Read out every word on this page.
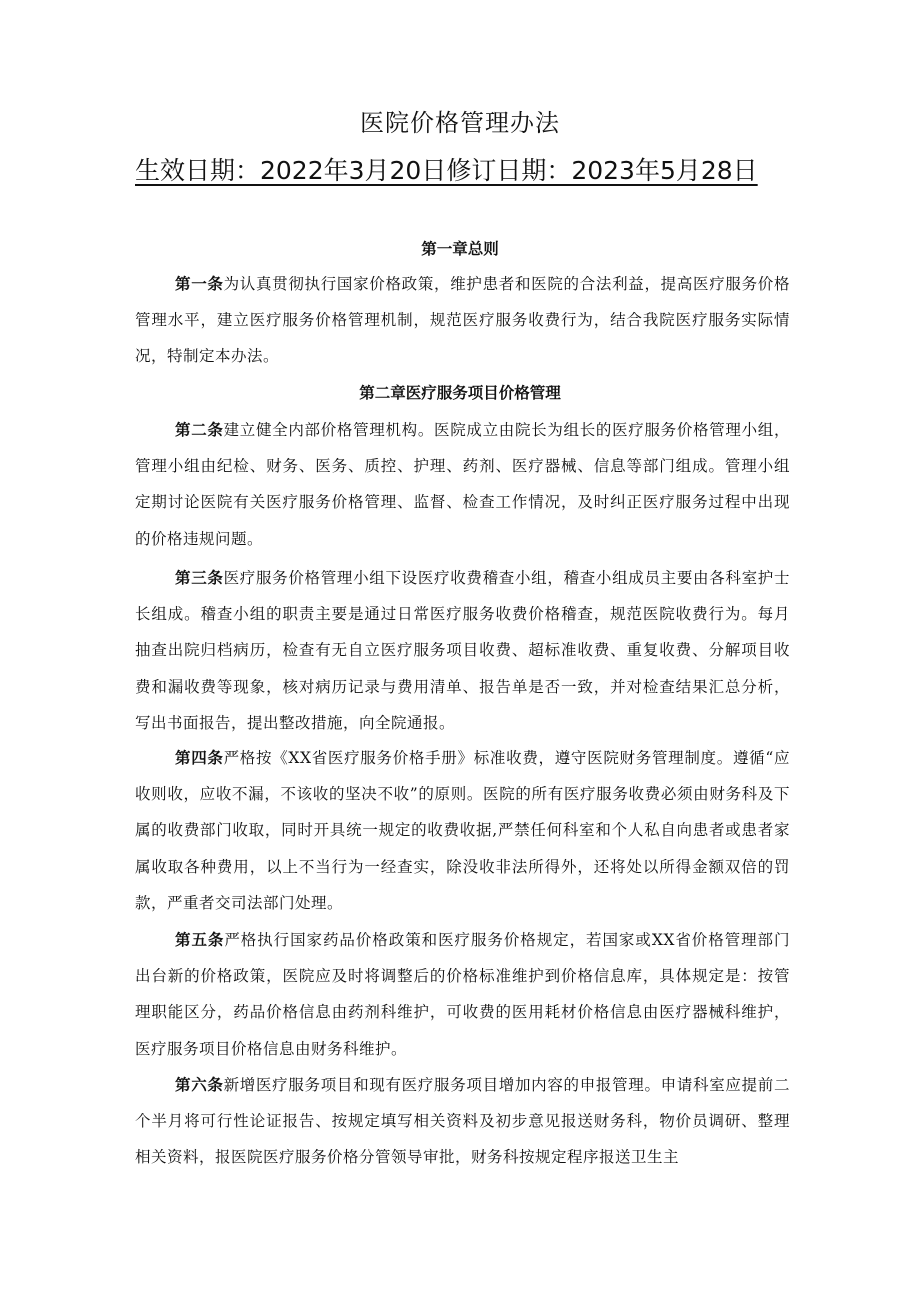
医院价格管理办法
生效日期：2022年3月20日修订日期：2023年5月28日
第一章总则

第一条为认真贯彻执行国家价格政策，维护患者和医院的合法利益，提高医疗服务价格管理水平，建立医疗服务价格管理机制，规范医疗服务收费行为，结合我院医疗服务实际情况，特制定本办法。

第二章医疗服务项目价格管理

第二条建立健全内部价格管理机构。医院成立由院长为组长的医疗服务价格管理小组，管理小组由纪检、财务、医务、质控、护理、药剂、医疗器械、信息等部门组成。管理小组定期讨论医院有关医疗服务价格管理、监督、检查工作情况，及时纠正医疗服务过程中出现的价格违规问题。

第三条医疗服务价格管理小组下设医疗收费稽查小组，稽查小组成员主要由各科室护士长组成。稽查小组的职责主要是通过日常医疗服务收费价格稽查，规范医院收费行为。每月抽查出院归档病历，检查有无自立医疗服务项目收费、超标准收费、重复收费、分解项目收费和漏收费等现象，核对病历记录与费用清单、报告单是否一致，并对检查结果汇总分析，写出书面报告，提出整改措施，向全院通报。

第四条严格按《XX省医疗服务价格手册》标准收费，遵守医院财务管理制度。遵循“应收则收，应收不漏，不该收的坚决不收”的原则。医院的所有医疗服务收费必须由财务科及下属的收费部门收取，同时开具统一规定的收费收据,严禁任何科室和个人私自向患者或患者家属收取各种费用，以上不当行为一经查实，除没收非法所得外，还将处以所得金额双倍的罚款，严重者交司法部门处理。

第五条严格执行国家药品价格政策和医疗服务价格规定，若国家或XX省价格管理部门出台新的价格政策，医院应及时将调整后的价格标准维护到价格信息库，具体规定是：按管理职能区分，药品价格信息由药剂科维护，可收费的医用耗材价格信息由医疗器械科维护，医疗服务项目价格信息由财务科维护。

第六条新增医疗服务项目和现有医疗服务项目增加内容的申报管理。申请科室应提前二个半月将可行性论证报告、按规定填写相关资料及初步意见报送财务科，物价员调研、整理相关资料，报医院医疗服务价格分管领导审批，财务科按规定程序报送卫生主
